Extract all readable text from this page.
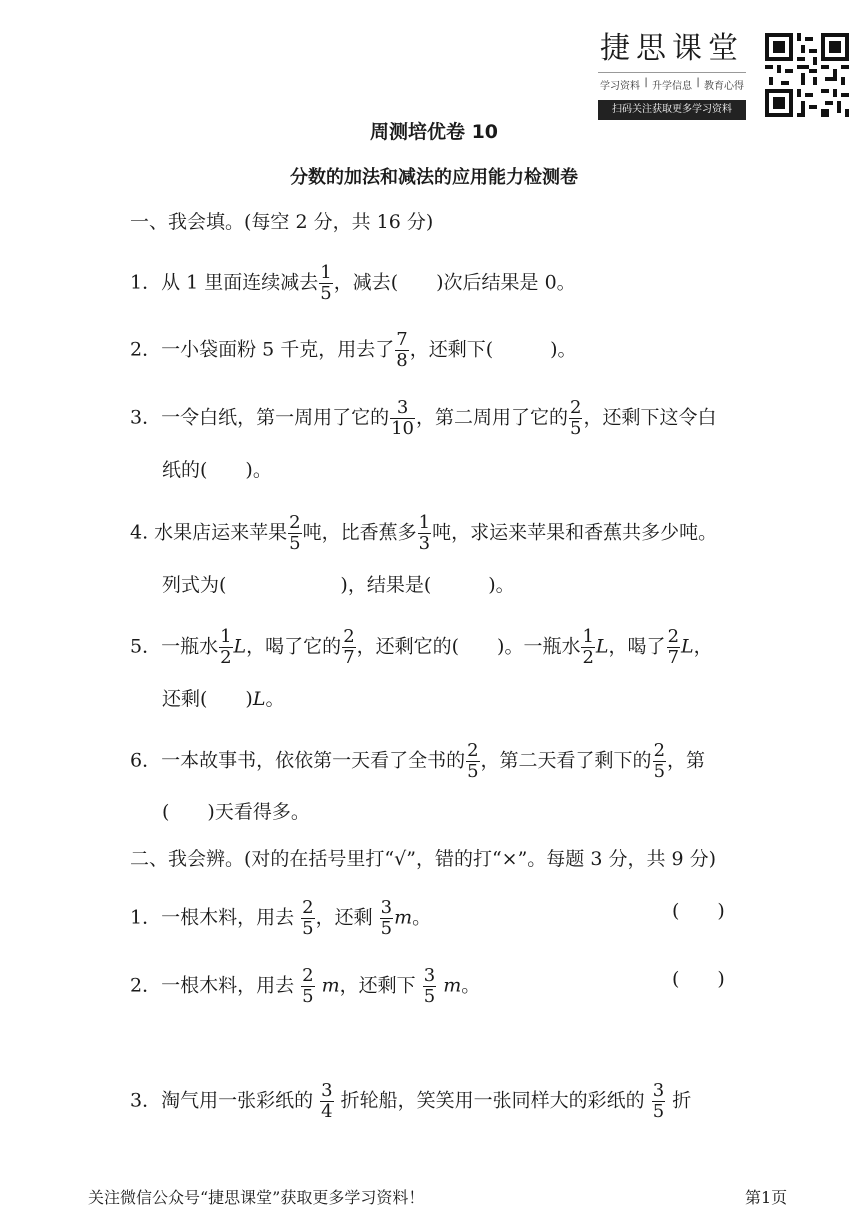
捷思课堂
学习资料 | 升学信息 | 教育心得
扫码关注获取更多学习资料
周测培优卷 10
分数的加法和减法的应用能力检测卷
一、我会填。(每空 2 分，共 16 分)
1．从 1 里面连续减去 $\frac{1}{5}$ ，减去(　　)次后结果是 0。
2．一小袋面粉 5 千克，用去了 $\frac{7}{8}$ ，还剩下(　　　)。
3．一令白纸，第一周用了它的 $\frac{3}{10}$ ，第二周用了它的 $\frac{2}{5}$ ，还剩下这令白
纸的(　　)。
4. 水果店运来苹果 $\frac{2}{5}$ 吨，比香蕉多 $\frac{1}{3}$ 吨，求运来苹果和香蕉共多少吨。
列式为(　　　　　　)，结果是(　　　)。
5．一瓶水 $\frac{1}{2}$ L，喝了它的 $\frac{2}{7}$ ，还剩它的(　　)。一瓶水 $\frac{1}{2}$ L，喝了 $\frac{2}{7}$ L，
还剩(　　)L。
6．一本故事书，依依第一天看了全书的 $\frac{2}{5}$ ，第二天看了剩下的 $\frac{2}{5}$ ，第
(　　)天看得多。
二、我会辨。(对的在括号里打“√”，错的打“×”。每题 3 分，共 9 分)
1．一根木料，用去 $\frac{2}{5}$ ，还剩 $\frac{3}{5}$ m。	(　　)
2．一根木料，用去 $\frac{2}{5}$ m，还剩下 $\frac{3}{5}$ m。	(　　)
3．淘气用一张彩纸的 $\frac{3}{4}$ 折轮船，笑笑用一张同样大的彩纸的 $\frac{3}{5}$ 折
关注微信公众号“捷思课堂”获取更多学习资料！	第1页
